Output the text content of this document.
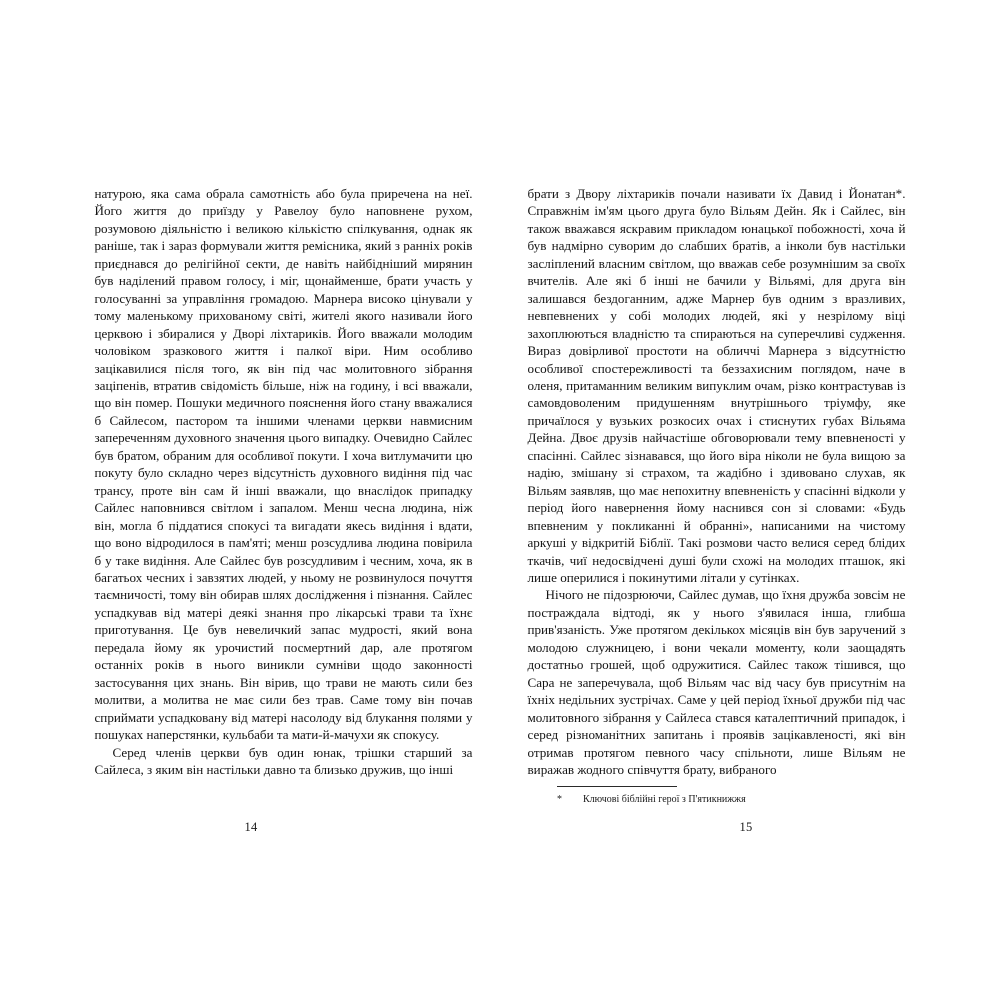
натурою, яка сама обрала самотність або була приречена на неї. Його життя до приїзду у Равелоу було наповнене рухом, розумовою діяльністю і великою кількістю спілкування, однак як раніше, так і зараз формували життя ремісника, який з ранніх років приєднався до релігійної секти, де навіть найбідніший мирянин був наділений правом голосу, і міг, щонайменше, брати участь у голосуванні за управління громадою. Марнера високо цінували у тому маленькому прихованому світі, жителі якого називали його церквою і збиралися у Дворі ліхтариків. Його вважали молодим чоловіком зразкового життя і палкої віри. Ним особливо зацікавилися після того, як він під час молитовного зібрання заціпенів, втратив свідомість більше, ніж на годину, і всі вважали, що він помер. Пошуки медичного пояснення його стану вважалися б Сайлесом, пастором та іншими членами церкви навмисним запереченням духовного значення цього випадку. Очевидно Сайлес був братом, обраним для особливої покути. І хоча витлумачити цю покуту було складно через відсутність духовного видіння під час трансу, проте він сам й інші вважали, що внаслідок припадку Сайлес наповнився світлом і запалом. Менш чесна людина, ніж він, могла б піддатися спокусі та вигадати якесь видіння і вдати, що воно відродилося в пам'яті; менш розсудлива людина повірила б у таке видіння. Але Сайлес був розсудливим і чесним, хоча, як в багатьох чесних і завзятих людей, у ньому не розвинулося почуття таємничості, тому він обирав шлях дослідження і пізнання. Сайлес успадкував від матері деякі знання про лікарські трави та їхнє приготування. Це був невеличкий запас мудрості, який вона передала йому як урочистий посмертний дар, але протягом останніх років в нього виникли сумніви щодо законності застосування цих знань. Він вірив, що трави не мають сили без молитви, а молитва не має сили без трав. Саме тому він почав сприймати успадковану від матері насолоду від блукання полями у пошуках наперстянки, кульбаби та мати-й-мачухи як спокусу.

Серед членів церкви був один юнак, трішки старший за Сайлеса, з яким він настільки давно та близько дружив, що інші

брати з Двору ліхтариків почали називати їх Давид і Йонатан*. Справжнім ім'ям цього друга було Вільям Дейн. Як і Сайлес, він також вважався яскравим прикладом юнацької побожності, хоча й був надмірно суворим до слабших братів, а інколи був настільки засліплений власним світлом, що вважав себе розумнішим за своїх вчителів. Але які б інші не бачили у Вільямі, для друга він залишався бездоганним, адже Марнер був одним з вразливих, невпевнених у собі молодих людей, які у незрілому віці захоплюються владністю та спираються на суперечливі судження. Вираз довірливої простоти на обличчі Марнера з відсутністю особливої спостережливості та беззахисним поглядом, наче в оленя, притаманним великим випуклим очам, різко контрастував із самовдоволеним придушенням внутрішнього тріумфу, яке причаїлося у вузьких розкосих очах і стиснутих губах Вільяма Дейна. Двоє друзів найчастіше обговорювали тему впевненості у спасінні. Сайлес зізнавався, що його віра ніколи не була вищою за надію, змішану зі страхом, та жадібно і здивовано слухав, як Вільям заявляв, що має непохитну впевненість у спасінні відколи у період його навернення йому наснився сон зі словами: «Будь впевненим у покликанні й обранні», написаними на чистому аркуші у відкритій Біблії. Такі розмови часто велися серед блідих ткачів, чиї недосвідчені душі були схожі на молодих пташок, які лише оперилися і покинутими літали у сутінках.

Нічого не підозрюючи, Сайлес думав, що їхня дружба зовсім не постраждала відтоді, як у нього з'явилася інша, глибша прив'язаність. Уже протягом декількох місяців він був заручений з молодою служницею, і вони чекали моменту, коли заощадять достатньо грошей, щоб одружитися. Сайлес також тішився, що Сара не заперечувала, щоб Вільям час від часу був присутнім на їхніх недільних зустрічах. Саме у цей період їхньої дружби під час молитовного зібрання у Сайлеса стався каталептичний припадок, і серед різноманітних запитань і проявів зацікавленості, які він отримав протягом певного часу спільноти, лише Вільям не виражав жодного співчуття брату, вибраного

*	Ключові біблійні герої з П'ятикнижжя
14	15
